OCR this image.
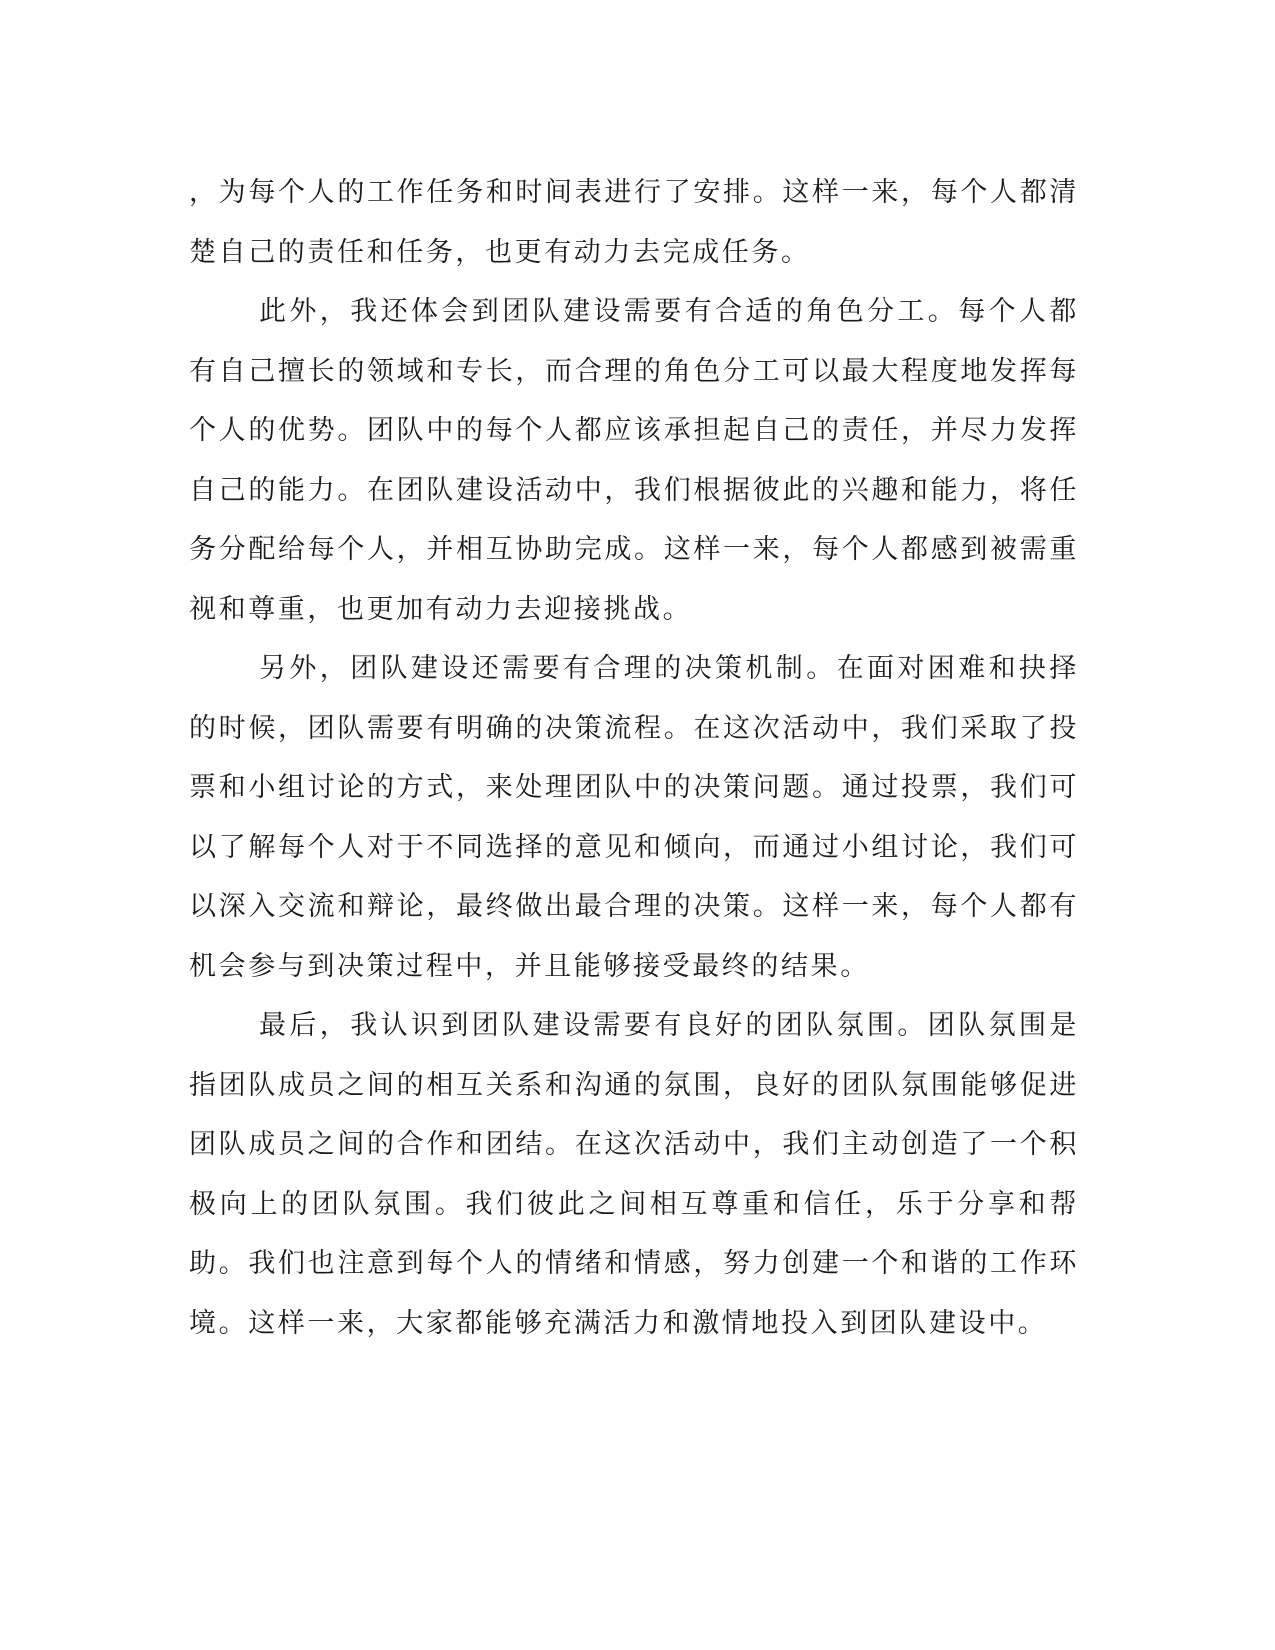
，为每个人的工作任务和时间表进行了安排。这样一来，每个人都清楚自己的责任和任务，也更有动力去完成任务。

此外，我还体会到团队建设需要有合适的角色分工。每个人都有自己擅长的领域和专长，而合理的角色分工可以最大程度地发挥每个人的优势。团队中的每个人都应该承担起自己的责任，并尽力发挥自己的能力。在团队建设活动中，我们根据彼此的兴趣和能力，将任务分配给每个人，并相互协助完成。这样一来，每个人都感到被需重视和尊重，也更加有动力去迎接挑战。

另外，团队建设还需要有合理的决策机制。在面对困难和抉择的时候，团队需要有明确的决策流程。在这次活动中，我们采取了投票和小组讨论的方式，来处理团队中的决策问题。通过投票，我们可以了解每个人对于不同选择的意见和倾向，而通过小组讨论，我们可以深入交流和辩论，最终做出最合理的决策。这样一来，每个人都有机会参与到决策过程中，并且能够接受最终的结果。

最后，我认识到团队建设需要有良好的团队氛围。团队氛围是指团队成员之间的相互关系和沟通的氛围，良好的团队氛围能够促进团队成员之间的合作和团结。在这次活动中，我们主动创造了一个积极向上的团队氛围。我们彼此之间相互尊重和信任，乐于分享和帮助。我们也注意到每个人的情绪和情感，努力创建一个和谐的工作环境。这样一来，大家都能够充满活力和激情地投入到团队建设中。
